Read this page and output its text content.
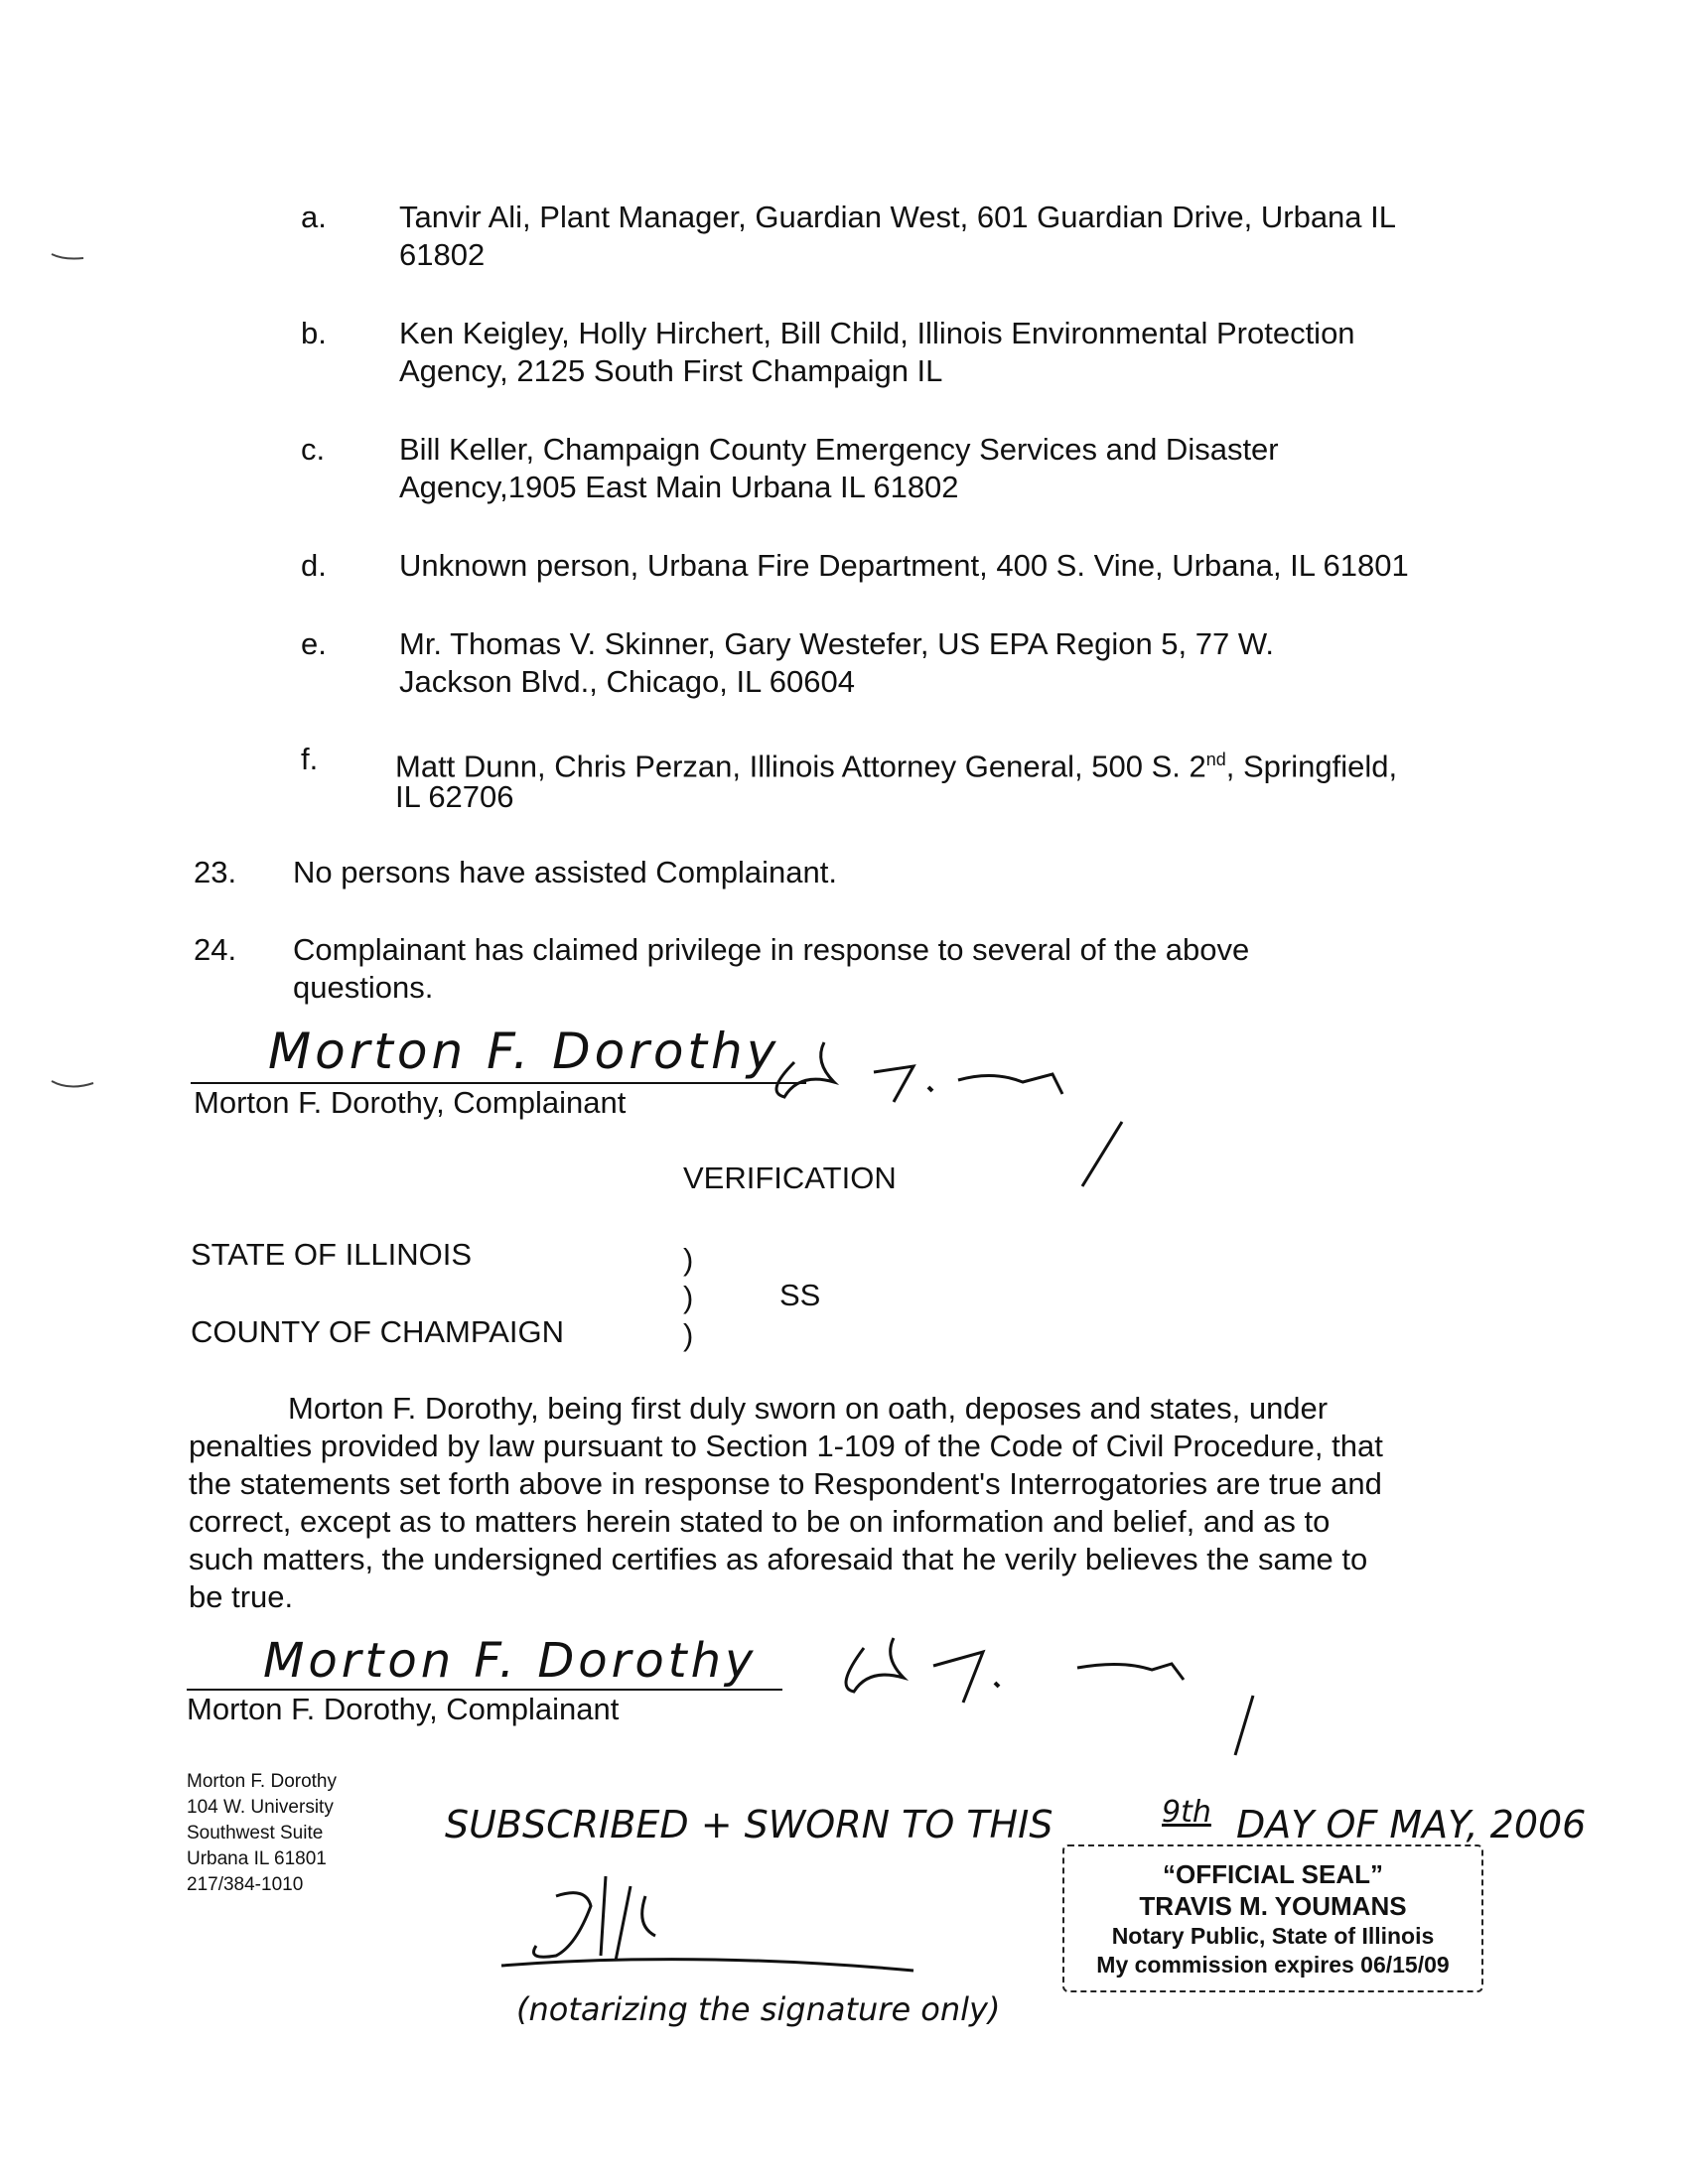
a. Tanvir Ali, Plant Manager, Guardian West, 601 Guardian Drive, Urbana IL
61802
b. Ken Keigley, Holly Hirchert, Bill Child, Illinois Environmental Protection
Agency, 2125 South First Champaign IL
c. Bill Keller, Champaign County Emergency Services and Disaster
Agency,1905 East Main Urbana IL 61802
d. Unknown person, Urbana Fire Department, 400 S. Vine, Urbana, IL 61801
e. Mr. Thomas V. Skinner, Gary Westefer, US EPA Region 5, 77 W.
Jackson Blvd., Chicago, IL 60604
f.	Matt Dunn, Chris Perzan, Illinois Attorney General, 500 S. 2nd, Springfield,
IL 62706
23. No persons have assisted Complainant.
24. Complainant has claimed privilege in response to several of the above
questions.
Morton F. Dorothy
Morton F. Dorothy, Complainant
VERIFICATION
STATE OF ILLINOIS
COUNTY OF CHAMPAIGN
)
)
)
SS
Morton F. Dorothy, being first duly sworn on oath, deposes and states, under
penalties provided by law pursuant to Section 1-109 of the Code of Civil Procedure, that
the statements set forth above in response to Respondent's Interrogatories are true and
correct, except as to matters herein stated to be on information and belief, and as to
such matters, the undersigned certifies as aforesaid that he verily believes the same to
be true.
Morton F. Dorothy
Morton F. Dorothy, Complainant
Morton F. Dorothy
104 W. University
Southwest Suite
Urbana IL 61801
217/384-1010
SUBSCRIBED + SWORN TO THIS	9th DAY OF MAY, 2006
(notarizing the signature only)
“OFFICIAL SEAL”
TRAVIS M. YOUMANS
Notary Public, State of Illinois
My commission expires 06/15/09
